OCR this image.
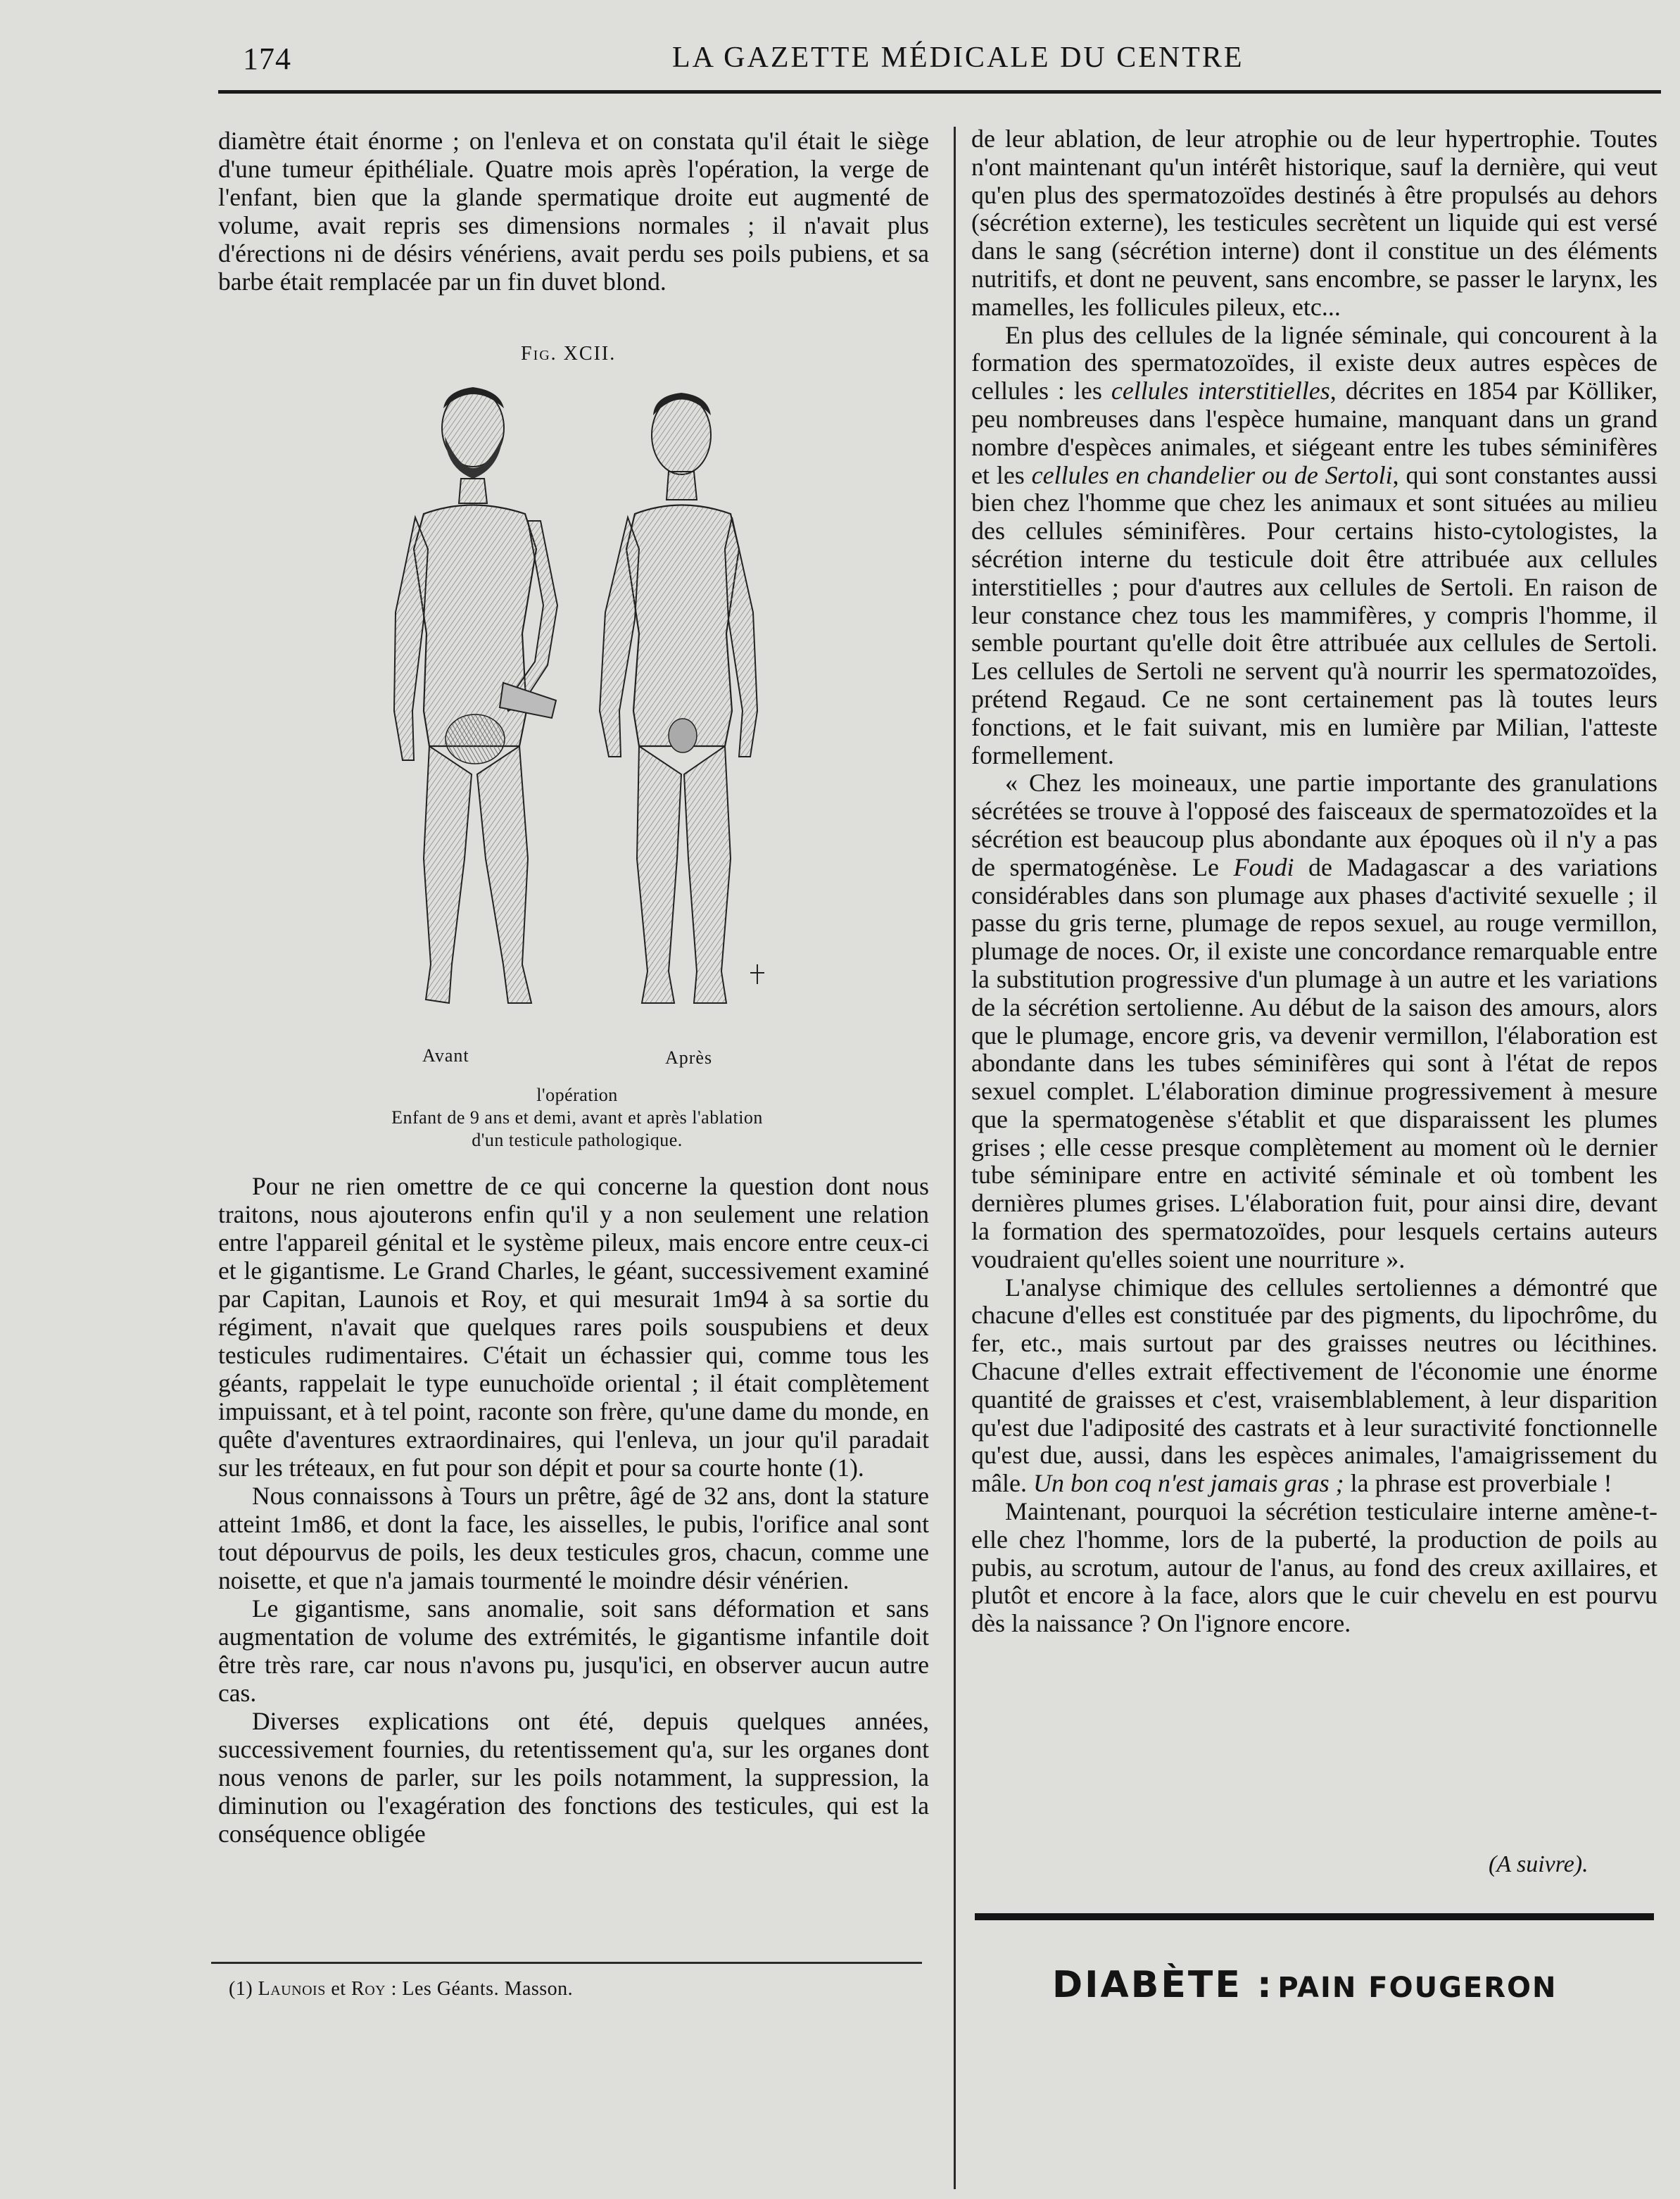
174	LA GAZETTE MÉDICALE DU CENTRE

diamètre était énorme ; on l'enleva et on constata qu'il était le siège d'une tumeur épithéliale. Quatre mois après l'opération, la verge de l'enfant, bien que la glande spermatique droite eut augmenté de volume, avait repris ses dimensions normales ; il n'avait plus d'érections ni de désirs vénériens, avait perdu ses poils pubiens, et sa barbe était remplacée par un fin duvet blond.

Fig. XCII.
Avant	Après
l'opération
Enfant de 9 ans et demi, avant et après l'ablation
d'un testicule pathologique.

Pour ne rien omettre de ce qui concerne la question dont nous traitons, nous ajouterons enfin qu'il y a non seulement une relation entre l'appareil génital et le système pileux, mais encore entre ceux-ci et le gigantisme. Le Grand Charles, le géant, successivement examiné par Capitan, Launois et Roy, et qui mesurait 1m94 à sa sortie du régiment, n'avait que quelques rares poils souspubiens et deux testicules rudimentaires. C'était un échassier qui, comme tous les géants, rappelait le type eunuchoïde oriental ; il était complètement impuissant, et à tel point, raconte son frère, qu'une dame du monde, en quête d'aventures extraordinaires, qui l'enleva, un jour qu'il paradait sur les tréteaux, en fut pour son dépit et pour sa courte honte (1).

Nous connaissons à Tours un prêtre, âgé de 32 ans, dont la stature atteint 1m86, et dont la face, les aisselles, le pubis, l'orifice anal sont tout dépourvus de poils, les deux testicules gros, chacun, comme une noisette, et que n'a jamais tourmenté le moindre désir vénérien.

Le gigantisme, sans anomalie, soit sans déformation et sans augmentation de volume des extrémités, le gigantisme infantile doit être très rare, car nous n'avons pu, jusqu'ici, en observer aucun autre cas.

Diverses explications ont été, depuis quelques années, successivement fournies, du retentissement qu'a, sur les organes dont nous venons de parler, sur les poils notamment, la suppression, la diminution ou l'exagération des fonctions des testicules, qui est la conséquence obligée

(1) Launois et Roy : Les Géants. Masson.

de leur ablation, de leur atrophie ou de leur hypertrophie. Toutes n'ont maintenant qu'un intérêt historique, sauf la dernière, qui veut qu'en plus des spermatozoïdes destinés à être propulsés au dehors (sécrétion externe), les testicules secrètent un liquide qui est versé dans le sang (sécrétion interne) dont il constitue un des éléments nutritifs, et dont ne peuvent, sans encombre, se passer le larynx, les mamelles, les follicules pileux, etc...

En plus des cellules de la lignée séminale, qui concourent à la formation des spermatozoïdes, il existe deux autres espèces de cellules : les cellules interstitielles, décrites en 1854 par Kölliker, peu nombreuses dans l'espèce humaine, manquant dans un grand nombre d'espèces animales, et siégeant entre les tubes séminifères et les cellules en chandelier ou de Sertoli, qui sont constantes aussi bien chez l'homme que chez les animaux et sont situées au milieu des cellules séminifères. Pour certains histo-cytologistes, la sécrétion interne du testicule doit être attribuée aux cellules interstitielles ; pour d'autres aux cellules de Sertoli. En raison de leur constance chez tous les mammifères, y compris l'homme, il semble pourtant qu'elle doit être attribuée aux cellules de Sertoli. Les cellules de Sertoli ne servent qu'à nourrir les spermatozoïdes, prétend Regaud. Ce ne sont certainement pas là toutes leurs fonctions, et le fait suivant, mis en lumière par Milian, l'atteste formellement.

« Chez les moineaux, une partie importante des granulations sécrétées se trouve à l'opposé des faisceaux de spermatozoïdes et la sécrétion est beaucoup plus abondante aux époques où il n'y a pas de spermatogénèse. Le Foudi de Madagascar a des variations considérables dans son plumage aux phases d'activité sexuelle ; il passe du gris terne, plumage de repos sexuel, au rouge vermillon, plumage de noces. Or, il existe une concordance remarquable entre la substitution progressive d'un plumage à un autre et les variations de la sécrétion sertolienne. Au début de la saison des amours, alors que le plumage, encore gris, va devenir vermillon, l'élaboration est abondante dans les tubes séminifères qui sont à l'état de repos sexuel complet. L'élaboration diminue progressivement à mesure que la spermatogenèse s'établit et que disparaissent les plumes grises ; elle cesse presque complètement au moment où le dernier tube séminipare entre en activité séminale et où tombent les dernières plumes grises. L'élaboration fuit, pour ainsi dire, devant la formation des spermatozoïdes, pour lesquels certains auteurs voudraient qu'elles soient une nourriture ».

L'analyse chimique des cellules sertoliennes a démontré que chacune d'elles est constituée par des pigments, du lipochrôme, du fer, etc., mais surtout par des graisses neutres ou lécithines. Chacune d'elles extrait effectivement de l'économie une énorme quantité de graisses et c'est, vraisemblablement, à leur disparition qu'est due l'adiposité des castrats et à leur suractivité fonctionnelle qu'est due, aussi, dans les espèces animales, l'amaigrissement du mâle. Un bon coq n'est jamais gras ; la phrase est proverbiale !

Maintenant, pourquoi la sécrétion testiculaire interne amène-t-elle chez l'homme, lors de la puberté, la production de poils au pubis, au scrotum, autour de l'anus, au fond des creux axillaires, et plutôt et encore à la face, alors que le cuir chevelu en est pourvu dès la naissance ? On l'ignore encore.

(A suivre).
DIABÈTE : PAIN FOUGERON
